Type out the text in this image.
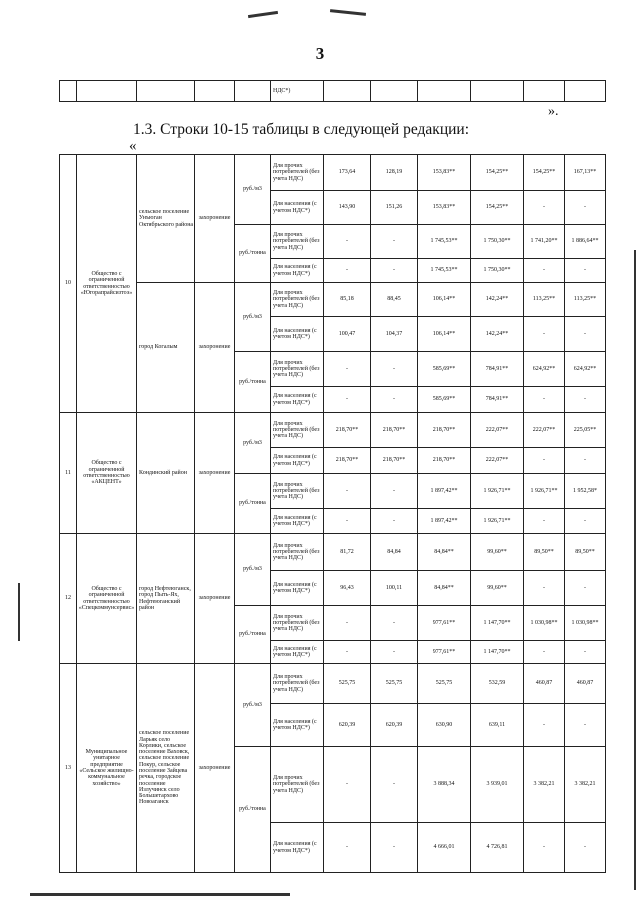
3
					НДС*)						
».
1.3. Строки 10-15 таблицы в следующей редакции:
«
10	Общество с ограниченной ответственностью «Югорапрайсизтоэ»	сельское поселение Унъюган Октябрьского района	захоронение	руб./м3	Для прочих потребителей (без учета НДС)	173,64	128,19	153,83**	154,25**	154,25**	167,13**
					Для населения (с учетом НДС*)	143,90	151,26	153,83**	154,25**	-	-
				руб./тонна	Для прочих потребителей (без учета НДС)	-	-	1 745,53**	1 750,30**	1 741,20**	1 886,64**
					Для населения (с учетом НДС*)	-	-	1 745,53**	1 750,30**	-	-
		город Когалым	захоронение	руб./м3	Для прочих потребителей (без учета НДС)	85,18	88,45	106,14**	142,24**	113,25**	113,25**
					Для населения (с учетом НДС*)	100,47	104,37	106,14**	142,24**	-	-
				руб./тонна	Для прочих потребителей (без учета НДС)	-	-	585,69**	784,91**	624,92**	624,92**
					Для населения (с учетом НДС*)	-	-	585,69**	784,91**	-	-
11	Общество с ограниченной ответственностью «АКЦЕНТ»	Кондинский район	захоронение	руб./м3	Для прочих потребителей (без учета НДС)	218,70**	218,70**	218,70**	222,07**	222,07**	225,05**
					Для населения (с учетом НДС*)	218,70**	218,70**	218,70**	222,07**	-	-
				руб./тонна	Для прочих потребителей (без учета НДС)	-	-	1 897,42**	1 926,71**	1 926,71**	1 952,58*
					Для населения (с учетом НДС*)	-	-	1 897,42**	1 926,71**	-	-
12	Общество с ограниченной ответственностью «Спецкоммунсервис»	город Нефтеюганск, город Пыть-Ях, Нефтеюганский район	захоронение	руб./м3	Для прочих потребителей (без учета НДС)	81,72	84,84	84,84**	99,60**	89,50**	89,50**
					Для населения (с учетом НДС*)	96,43	100,11	84,84**	99,60**	-	-
				руб./тонна	Для прочих потребителей (без учета НДС)	-	-	977,61**	1 147,70**	1 030,98**	1 030,98**
					Для населения (с учетом НДС*)	-	-	977,61**	1 147,70**	-	-
13	Муниципальное унитарное предприятие «Сельское жилищно-коммунальное хозяйство»	сельское поселение Ларьяк село Корлики, сельское поселение Ваховск, сельское поселение Покур, сельское поселение Зайцева речка, городское поселение Излучинск село Большетархово Новоаганск	захоронение	руб./м3	Для прочих потребителей (без учета НДС)	525,75	525,75	525,75	532,59	460,87	460,87
					Для населения (с учетом НДС*)	620,39	620,39	630,90	639,11	-	-
				руб./тонна	Для прочих потребителей (без учета НДС)	-	-	3 888,34	3 939,01	3 382,21	3 382,21
					Для населения (с учетом НДС*)	-	-	4 666,01	4 726,81	-	-
